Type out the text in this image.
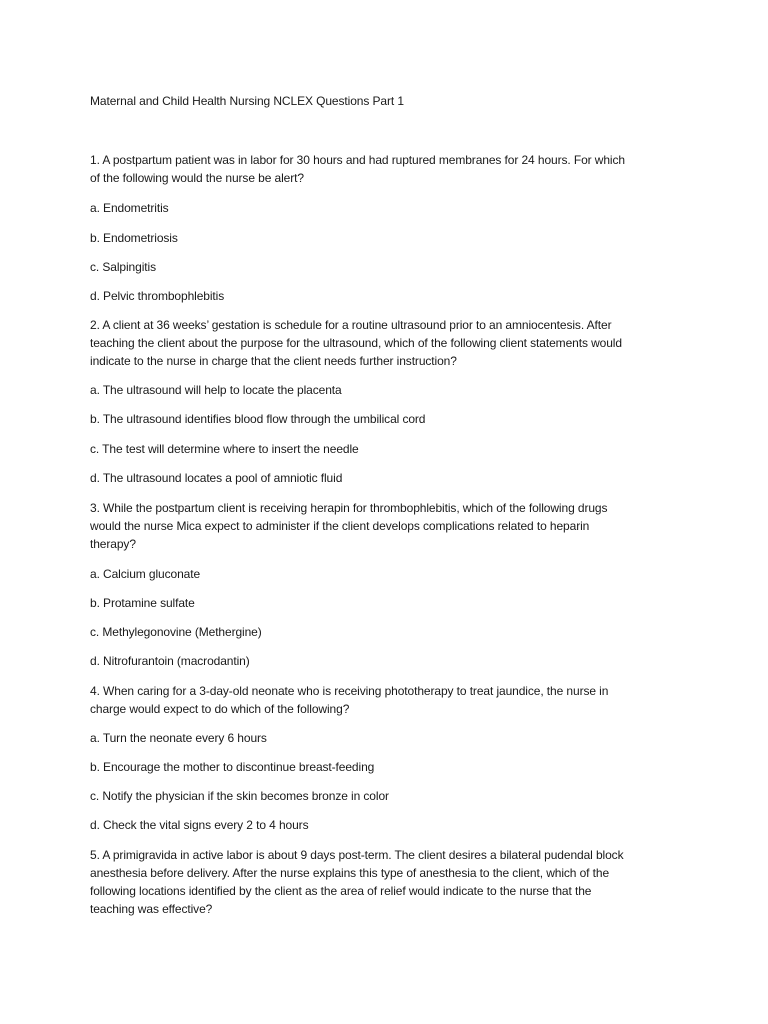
Maternal and Child Health Nursing NCLEX Questions Part 1
1. A postpartum patient was in labor for 30 hours and had ruptured membranes for 24 hours. For which
of the following would the nurse be alert?
a. Endometritis
b. Endometriosis
c. Salpingitis
d. Pelvic thrombophlebitis
2. A client at 36 weeks’ gestation is schedule for a routine ultrasound prior to an amniocentesis. After
teaching the client about the purpose for the ultrasound, which of the following client statements would
indicate to the nurse in charge that the client needs further instruction?
a. The ultrasound will help to locate the placenta
b. The ultrasound identifies blood flow through the umbilical cord
c. The test will determine where to insert the needle
d. The ultrasound locates a pool of amniotic fluid
3. While the postpartum client is receiving herapin for thrombophlebitis, which of the following drugs
would the nurse Mica expect to administer if the client develops complications related to heparin
therapy?
a. Calcium gluconate
b. Protamine sulfate
c. Methylegonovine (Methergine)
d. Nitrofurantoin (macrodantin)
4. When caring for a 3-day-old neonate who is receiving phototherapy to treat jaundice, the nurse in
charge would expect to do which of the following?
a. Turn the neonate every 6 hours
b. Encourage the mother to discontinue breast-feeding
c. Notify the physician if the skin becomes bronze in color
d. Check the vital signs every 2 to 4 hours
5. A primigravida in active labor is about 9 days post-term. The client desires a bilateral pudendal block
anesthesia before delivery. After the nurse explains this type of anesthesia to the client, which of the
following locations identified by the client as the area of relief would indicate to the nurse that the
teaching was effective?
